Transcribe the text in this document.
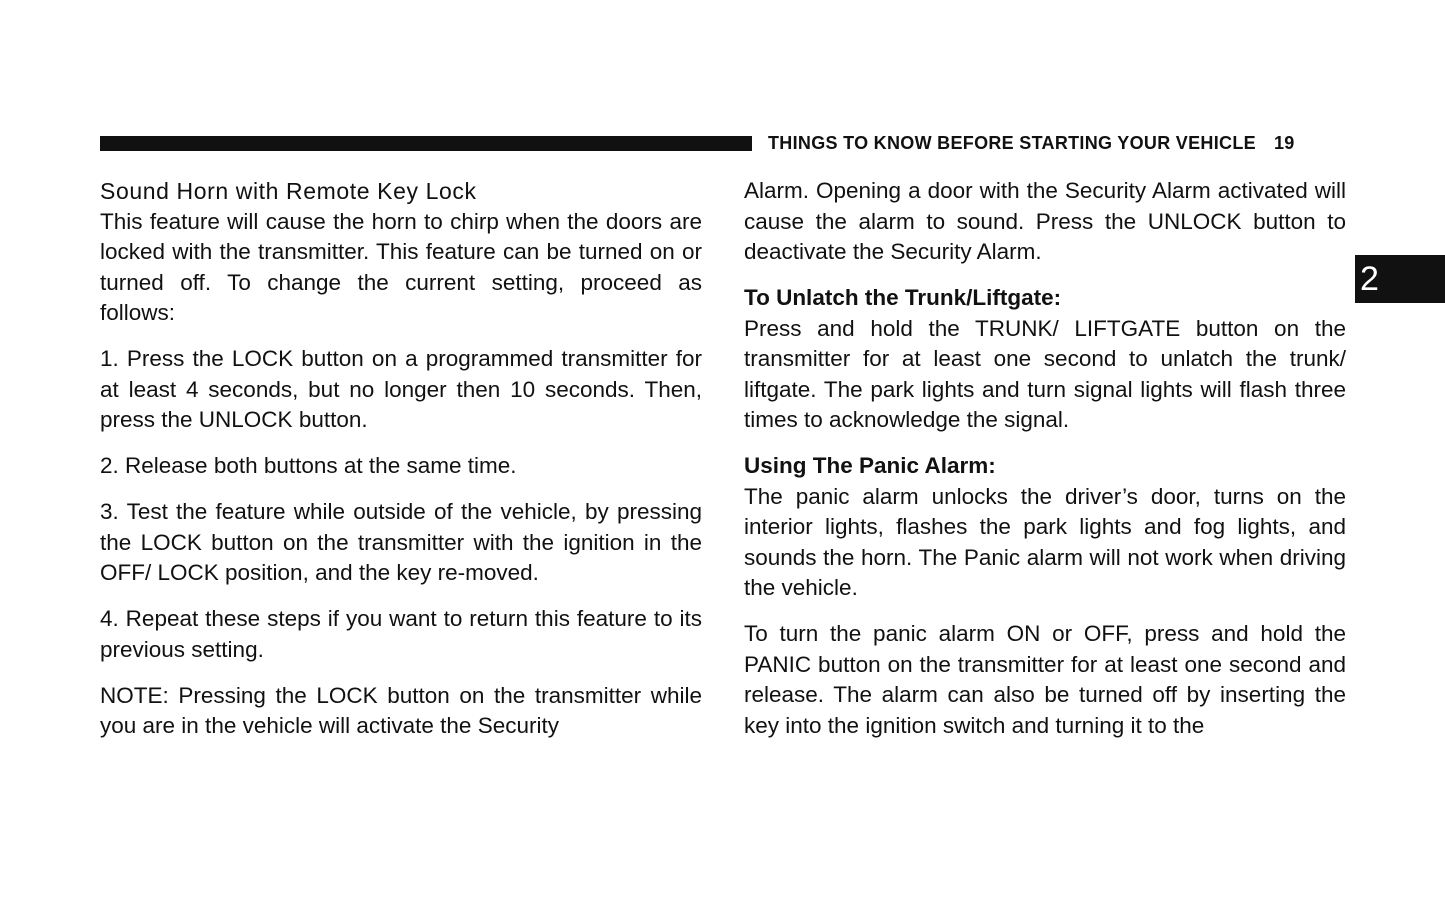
THINGS TO KNOW BEFORE STARTING YOUR VEHICLE 19
2
Sound Horn with Remote Key Lock

This feature will cause the horn to chirp when the doors are locked with the transmitter. This feature can be turned on or turned off. To change the current setting, proceed as follows:

1. Press the LOCK button on a programmed transmitter for at least 4 seconds, but no longer then 10 seconds. Then, press the UNLOCK button.

2. Release both buttons at the same time.

3. Test the feature while outside of the vehicle, by pressing the LOCK button on the transmitter with the ignition in the OFF/ LOCK position, and the key re-moved.

4. Repeat these steps if you want to return this feature to its previous setting.

NOTE: Pressing the LOCK button on the transmitter while you are in the vehicle will activate the Security

Alarm. Opening a door with the Security Alarm activated will cause the alarm to sound. Press the UNLOCK button to deactivate the Security Alarm.

To Unlatch the Trunk/Liftgate:

Press and hold the TRUNK/ LIFTGATE button on the transmitter for at least one second to unlatch the trunk/ liftgate. The park lights and turn signal lights will flash three times to acknowledge the signal.

Using The Panic Alarm:

The panic alarm unlocks the driver’s door, turns on the interior lights, flashes the park lights and fog lights, and sounds the horn. The Panic alarm will not work when driving the vehicle.

To turn the panic alarm ON or OFF, press and hold the PANIC button on the transmitter for at least one second and release. The alarm can also be turned off by inserting the key into the ignition switch and turning it to the
